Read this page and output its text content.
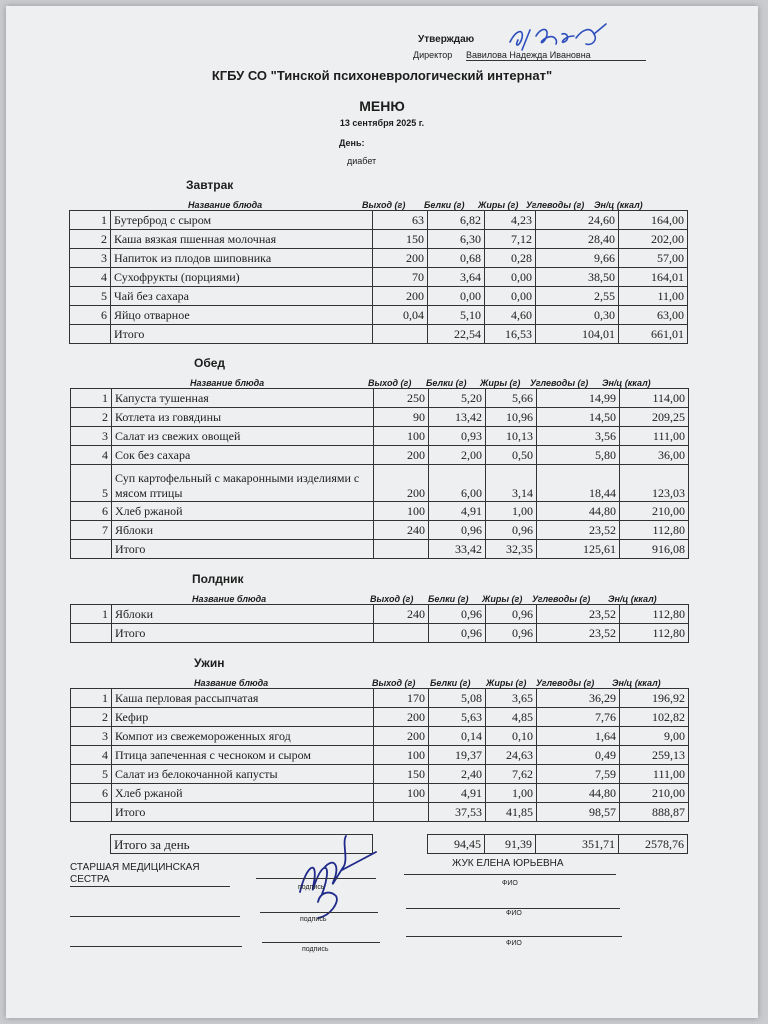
Утверждаю
Директор Вавилова Надежда Ивановна
КГБУ СО "Тинской психоневрологический интернат"
МЕНЮ
13 сентября 2025 г.
День:
диабет
Завтрак
Название блюда	Выход (г) Белки (г) Жиры (г) Углеводы (г) Эн/ц (ккал)
1	Бутерброд с сыром	63	6,82	4,23	24,60	164,00
2	Каша вязкая пшенная молочная	150	6,30	7,12	28,40	202,00
3	Напиток из плодов шиповника	200	0,68	0,28	9,66	57,00
4	Сухофрукты (порциями)	70	3,64	0,00	38,50	164,01
5	Чай без сахара	200	0,00	0,00	2,55	11,00
6	Яйцо отварное	0,04	5,10	4,60	0,30	63,00
	Итого		22,54	16,53	104,01	661,01
Обед
Название блюда	Выход (г) Белки (г) Жиры (г) Углеводы (г) Эн/ц (ккал)
1	Капуста тушенная	250	5,20	5,66	14,99	114,00
2	Котлета из говядины	90	13,42	10,96	14,50	209,25
3	Салат из свежих овощей	100	0,93	10,13	3,56	111,00
4	Сок без сахара	200	2,00	0,50	5,80	36,00
5	Суп картофельный с макаронными изделиями с мясом птицы	200	6,00	3,14	18,44	123,03
6	Хлеб ржаной	100	4,91	1,00	44,80	210,00
7	Яблоки	240	0,96	0,96	23,52	112,80
	Итого		33,42	32,35	125,61	916,08
Полдник
Название блюда	Выход (г) Белки (г) Жиры (г) Углеводы (г) Эн/ц (ккал)
1	Яблоки	240	0,96	0,96	23,52	112,80
	Итого		0,96	0,96	23,52	112,80
Ужин
Название блюда	Выход (г) Белки (г) Жиры (г) Углеводы (г) Эн/ц (ккал)
1	Каша перловая рассыпчатая	170	5,08	3,65	36,29	196,92
2	Кефир	200	5,63	4,85	7,76	102,82
3	Компот из свежемороженных ягод	200	0,14	0,10	1,64	9,00
4	Птица запеченная с чесноком и сыром	100	19,37	24,63	0,49	259,13
5	Салат из белокочанной капусты	150	2,40	7,62	7,59	111,00
6	Хлеб ржаной	100	4,91	1,00	44,80	210,00
	Итого		37,53	41,85	98,57	888,87
	Итого за день		94,45	91,39	351,71	2578,76
СТАРШАЯ МЕДИЦИНСКАЯ СЕСТРА
ЖУК ЕЛЕНА ЮРЬЕВНА
подпись
ФИО
подпись
ФИО
подпись
ФИО
